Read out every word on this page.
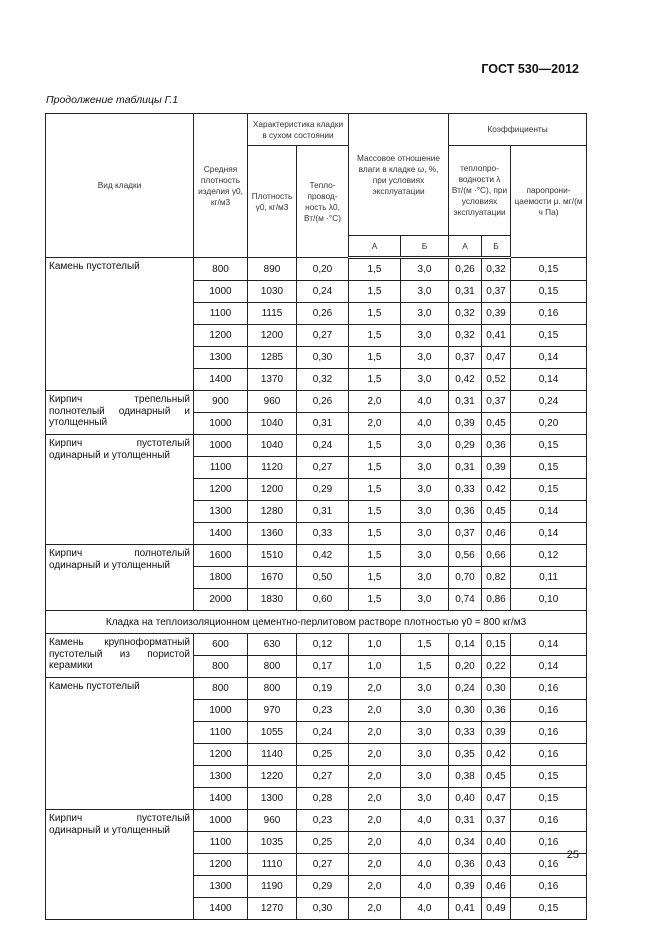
ГОСТ 530—2012
Продолжение таблицы Г.1
Вид кладки	Средняя плотность изделия γ0, кг/м3	Характеристика кладки в сухом состоянии		Массовое отношение влаги в кладке ω, %, при условиях эксплуатации		Коэффициенты		
		Плотность γ0, кг/м3	Тепло-провод-ность λ0, Вт/(м ·°С)			теплопро-водности λ Вт/(м ·°С), при условиях эксплуатации		паропрони-цаемости μ. мг/(м ч Па)
				А	Б	А	Б	
Камень пустотелый	800	890	0,20	1,5	3,0	0,26	0,32	0,15
	1000	1030	0,24	1,5	3,0	0,31	0,37	0,15
	1100	1115	0,26	1,5	3,0	0,32	0,39	0,16
	1200	1200	0,27	1,5	3,0	0,32	0,41	0,15
	1300	1285	0,30	1,5	3,0	0,37	0,47	0,14
	1400	1370	0,32	1,5	3,0	0,42	0,52	0,14
Кирпич трепельный полнотелый одинарный и утолщенный	900	960	0,26	2,0	4,0	0,31	0,37	0,24
	1000	1040	0,31	2,0	4,0	0,39	0,45	0,20
Кирпич пустотелый одинарный и утолщенный	1000	1040	0,24	1,5	3,0	0,29	0,36	0,15
	1100	1120	0,27	1,5	3,0	0,31	0,39	0,15
	1200	1200	0,29	1,5	3,0	0,33	0,42	0,15
	1300	1280	0,31	1,5	3,0	0,36	0,45	0,14
	1400	1360	0,33	1,5	3,0	0,37	0,46	0,14
Кирпич полнотелый одинарный и утолщенный	1600	1510	0,42	1,5	3,0	0,56	0,66	0,12
	1800	1670	0,50	1,5	3,0	0,70	0,82	0,11
	2000	1830	0,60	1,5	3,0	0,74	0,86	0,10
Кладка на теплоизоляционном цементно-перлитовом растворе плотностью γ0 = 800 кг/м3								
Камень крупноформатный пустотелый из пористой керамики	600	630	0,12	1,0	1,5	0,14	0,15	0,14
	800	800	0,17	1,0	1,5	0,20	0,22	0,14
Камень пустотелый	800	800	0,19	2,0	3,0	0,24	0,30	0,16
	1000	970	0,23	2,0	3,0	0,30	0,36	0,16
	1100	1055	0,24	2,0	3,0	0,33	0,39	0,16
	1200	1140	0,25	2,0	3,0	0,35	0,42	0,16
	1300	1220	0,27	2,0	3,0	0,38	0,45	0,15
	1400	1300	0,28	2,0	3,0	0,40	0,47	0,15
Кирпич пустотелый одинарный и утолщенный	1000	960	0,23	2,0	4,0	0,31	0,37	0,16
	1100	1035	0,25	2,0	4,0	0,34	0,40	0,16
	1200	1110	0,27	2,0	4,0	0,36	0,43	0,16
	1300	1190	0,29	2,0	4,0	0,39	0,46	0,16
	1400	1270	0,30	2,0	4,0	0,41	0,49	0,15
25
